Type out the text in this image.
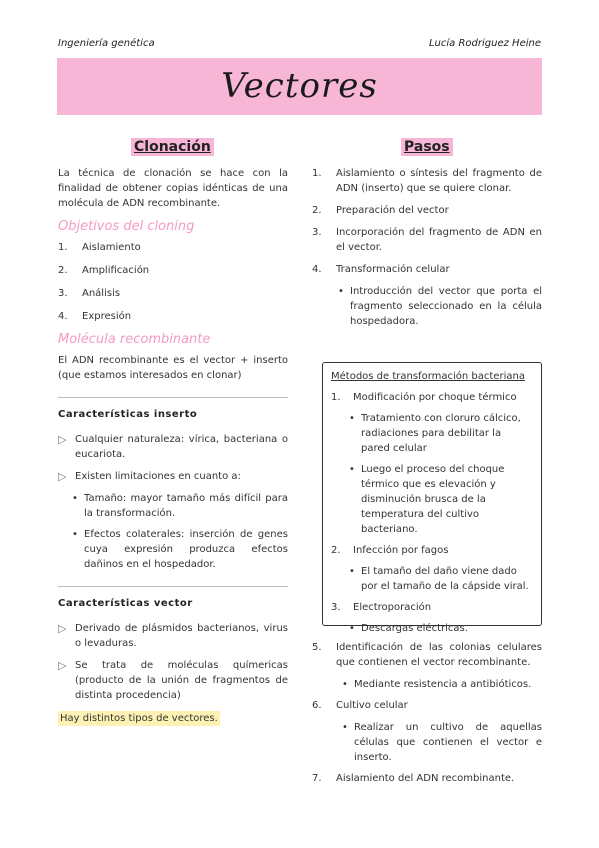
Ingeniería genética	Lucía Rodriguez Heine
Vectores
Clonación

La técnica de clonación se hace con la finalidad de obtener copias idénticas de una molécula de ADN recombinante.

Objetivos del cloning
1.	Aislamiento
2.	Amplificación
3.	Análisis
4.	Expresión
Molécula recombinante

El ADN recombinante es el vector + inserto (que estamos interesados en clonar)

Características inserto
▷ Cualquier naturaleza: vírica, bacteriana o eucariota.
▷ Existen limitaciones en cuanto a:
• Tamaño: mayor tamaño más difícil para la transformación.
• Efectos colaterales: inserción de genes cuya expresión produzca efectos dañinos en el hospedador.
Características vector
▷ Derivado de plásmidos bacterianos, virus o levaduras.
▷ Se trata de moléculas químericas (producto de la unión de fragmentos de distinta procedencia)
Hay distintos tipos de vectores.
Pasos
1.	Aislamiento o síntesis del fragmento de ADN (inserto) que se quiere clonar.
2.	Preparación del vector
3.	Incorporación del fragmento de ADN en el vector.
4.	Transformación celular
• Introducción del vector que porta el fragmento seleccionado en la célula hospedadora.
Métodos de transformación bacteriana
1.	Modificación por choque térmico
• Tratamiento con cloruro cálcico, radiaciones para debilitar la pared celular
• Luego el proceso del choque térmico que es elevación y disminución brusca de la temperatura del cultivo bacteriano.
2.	Infección por fagos
• El tamaño del daño viene dado por el tamaño de la cápside viral.
3.	Electroporación
• Descargas eléctricas.
5.	Identificación de las colonias celulares que contienen el vector recombinante.
• Mediante resistencia a antibióticos.
6.	Cultivo celular
• Realizar un cultivo de aquellas células que contienen el vector e inserto.
7.	Aislamiento del ADN recombinante.
